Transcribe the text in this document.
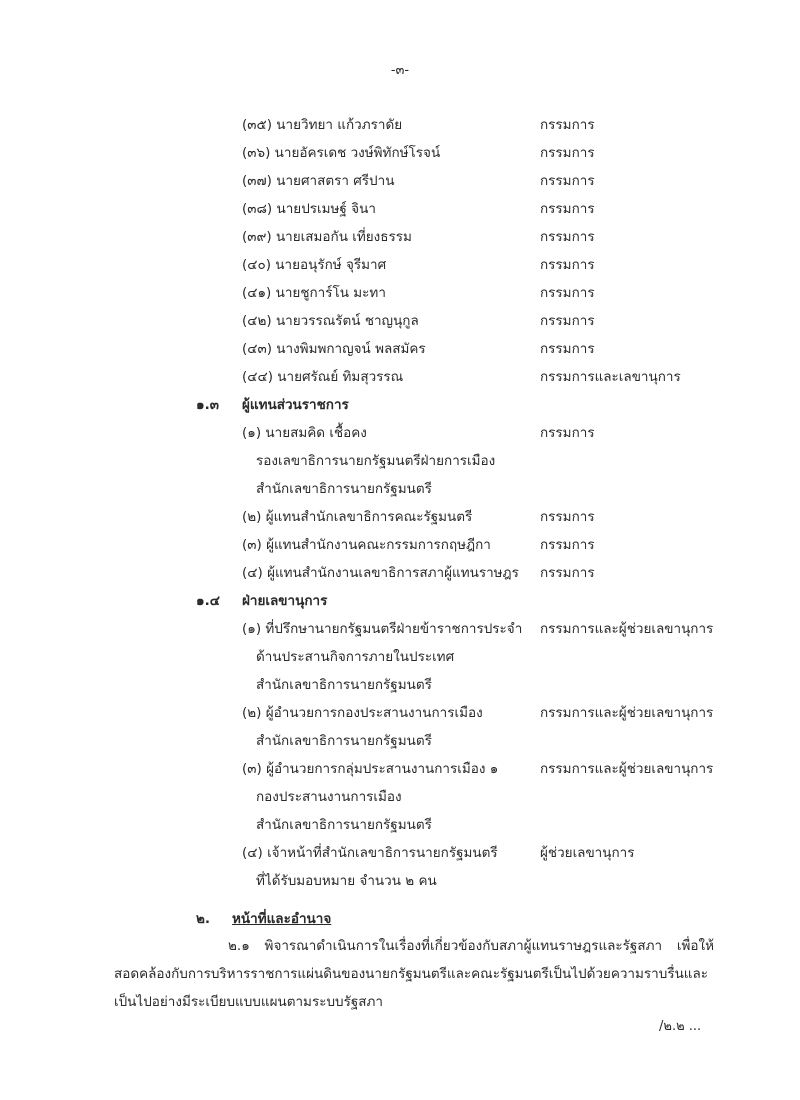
-๓-
(๓๕) นายวิทยา แก้วภราดัย	กรรมการ
(๓๖) นายอัครเดช วงษ์พิทักษ์โรจน์	กรรมการ
(๓๗) นายศาสตรา ศรีปาน	กรรมการ
(๓๘) นายปรเมษฐ์ จินา	กรรมการ
(๓๙) นายเสมอกัน เที่ยงธรรม	กรรมการ
(๔๐) นายอนุรักษ์ จุรีมาศ	กรรมการ
(๔๑) นายชูการ์โน มะทา	กรรมการ
(๔๒) นายวรรณรัตน์ ชาญนุกูล	กรรมการ
(๔๓) นางพิมพกาญจน์ พลสมัคร	กรรมการ
(๔๔) นายศรัณย์ ทิมสุวรรณ	กรรมการและเลขานุการ
๑.๓ ผู้แทนส่วนราชการ
(๑) นายสมคิด เชื้อคง	กรรมการ
รองเลขาธิการนายกรัฐมนตรีฝ่ายการเมือง
สำนักเลขาธิการนายกรัฐมนตรี
(๒) ผู้แทนสำนักเลขาธิการคณะรัฐมนตรี	กรรมการ
(๓) ผู้แทนสำนักงานคณะกรรมการกฤษฎีกา	กรรมการ
(๔) ผู้แทนสำนักงานเลขาธิการสภาผู้แทนราษฎร กรรมการ
๑.๔ ฝ่ายเลขานุการ
(๑) ที่ปรึกษานายกรัฐมนตรีฝ่ายข้าราชการประจำ กรรมการและผู้ช่วยเลขานุการ
ด้านประสานกิจการภายในประเทศ
สำนักเลขาธิการนายกรัฐมนตรี
(๒) ผู้อำนวยการกองประสานงานการเมือง	กรรมการและผู้ช่วยเลขานุการ
สำนักเลขาธิการนายกรัฐมนตรี
(๓) ผู้อำนวยการกลุ่มประสานงานการเมือง ๑	กรรมการและผู้ช่วยเลขานุการ
กองประสานงานการเมือง
สำนักเลขาธิการนายกรัฐมนตรี
(๔) เจ้าหน้าที่สำนักเลขาธิการนายกรัฐมนตรี	ผู้ช่วยเลขานุการ
ที่ได้รับมอบหมาย จำนวน ๒ คน
๒. หน้าที่และอำนาจ
๒.๑ พิจารณาดำเนินการในเรื่องที่เกี่ยวข้องกับสภาผู้แทนราษฎรและรัฐสภา เพื่อให้สอดคล้องกับการบริหารราชการแผ่นดินของนายกรัฐมนตรีและคณะรัฐมนตรีเป็นไปด้วยความราบรื่นและเป็นไปอย่างมีระเบียบแบบแผนตามระบบรัฐสภา
/๒.๒ ...
